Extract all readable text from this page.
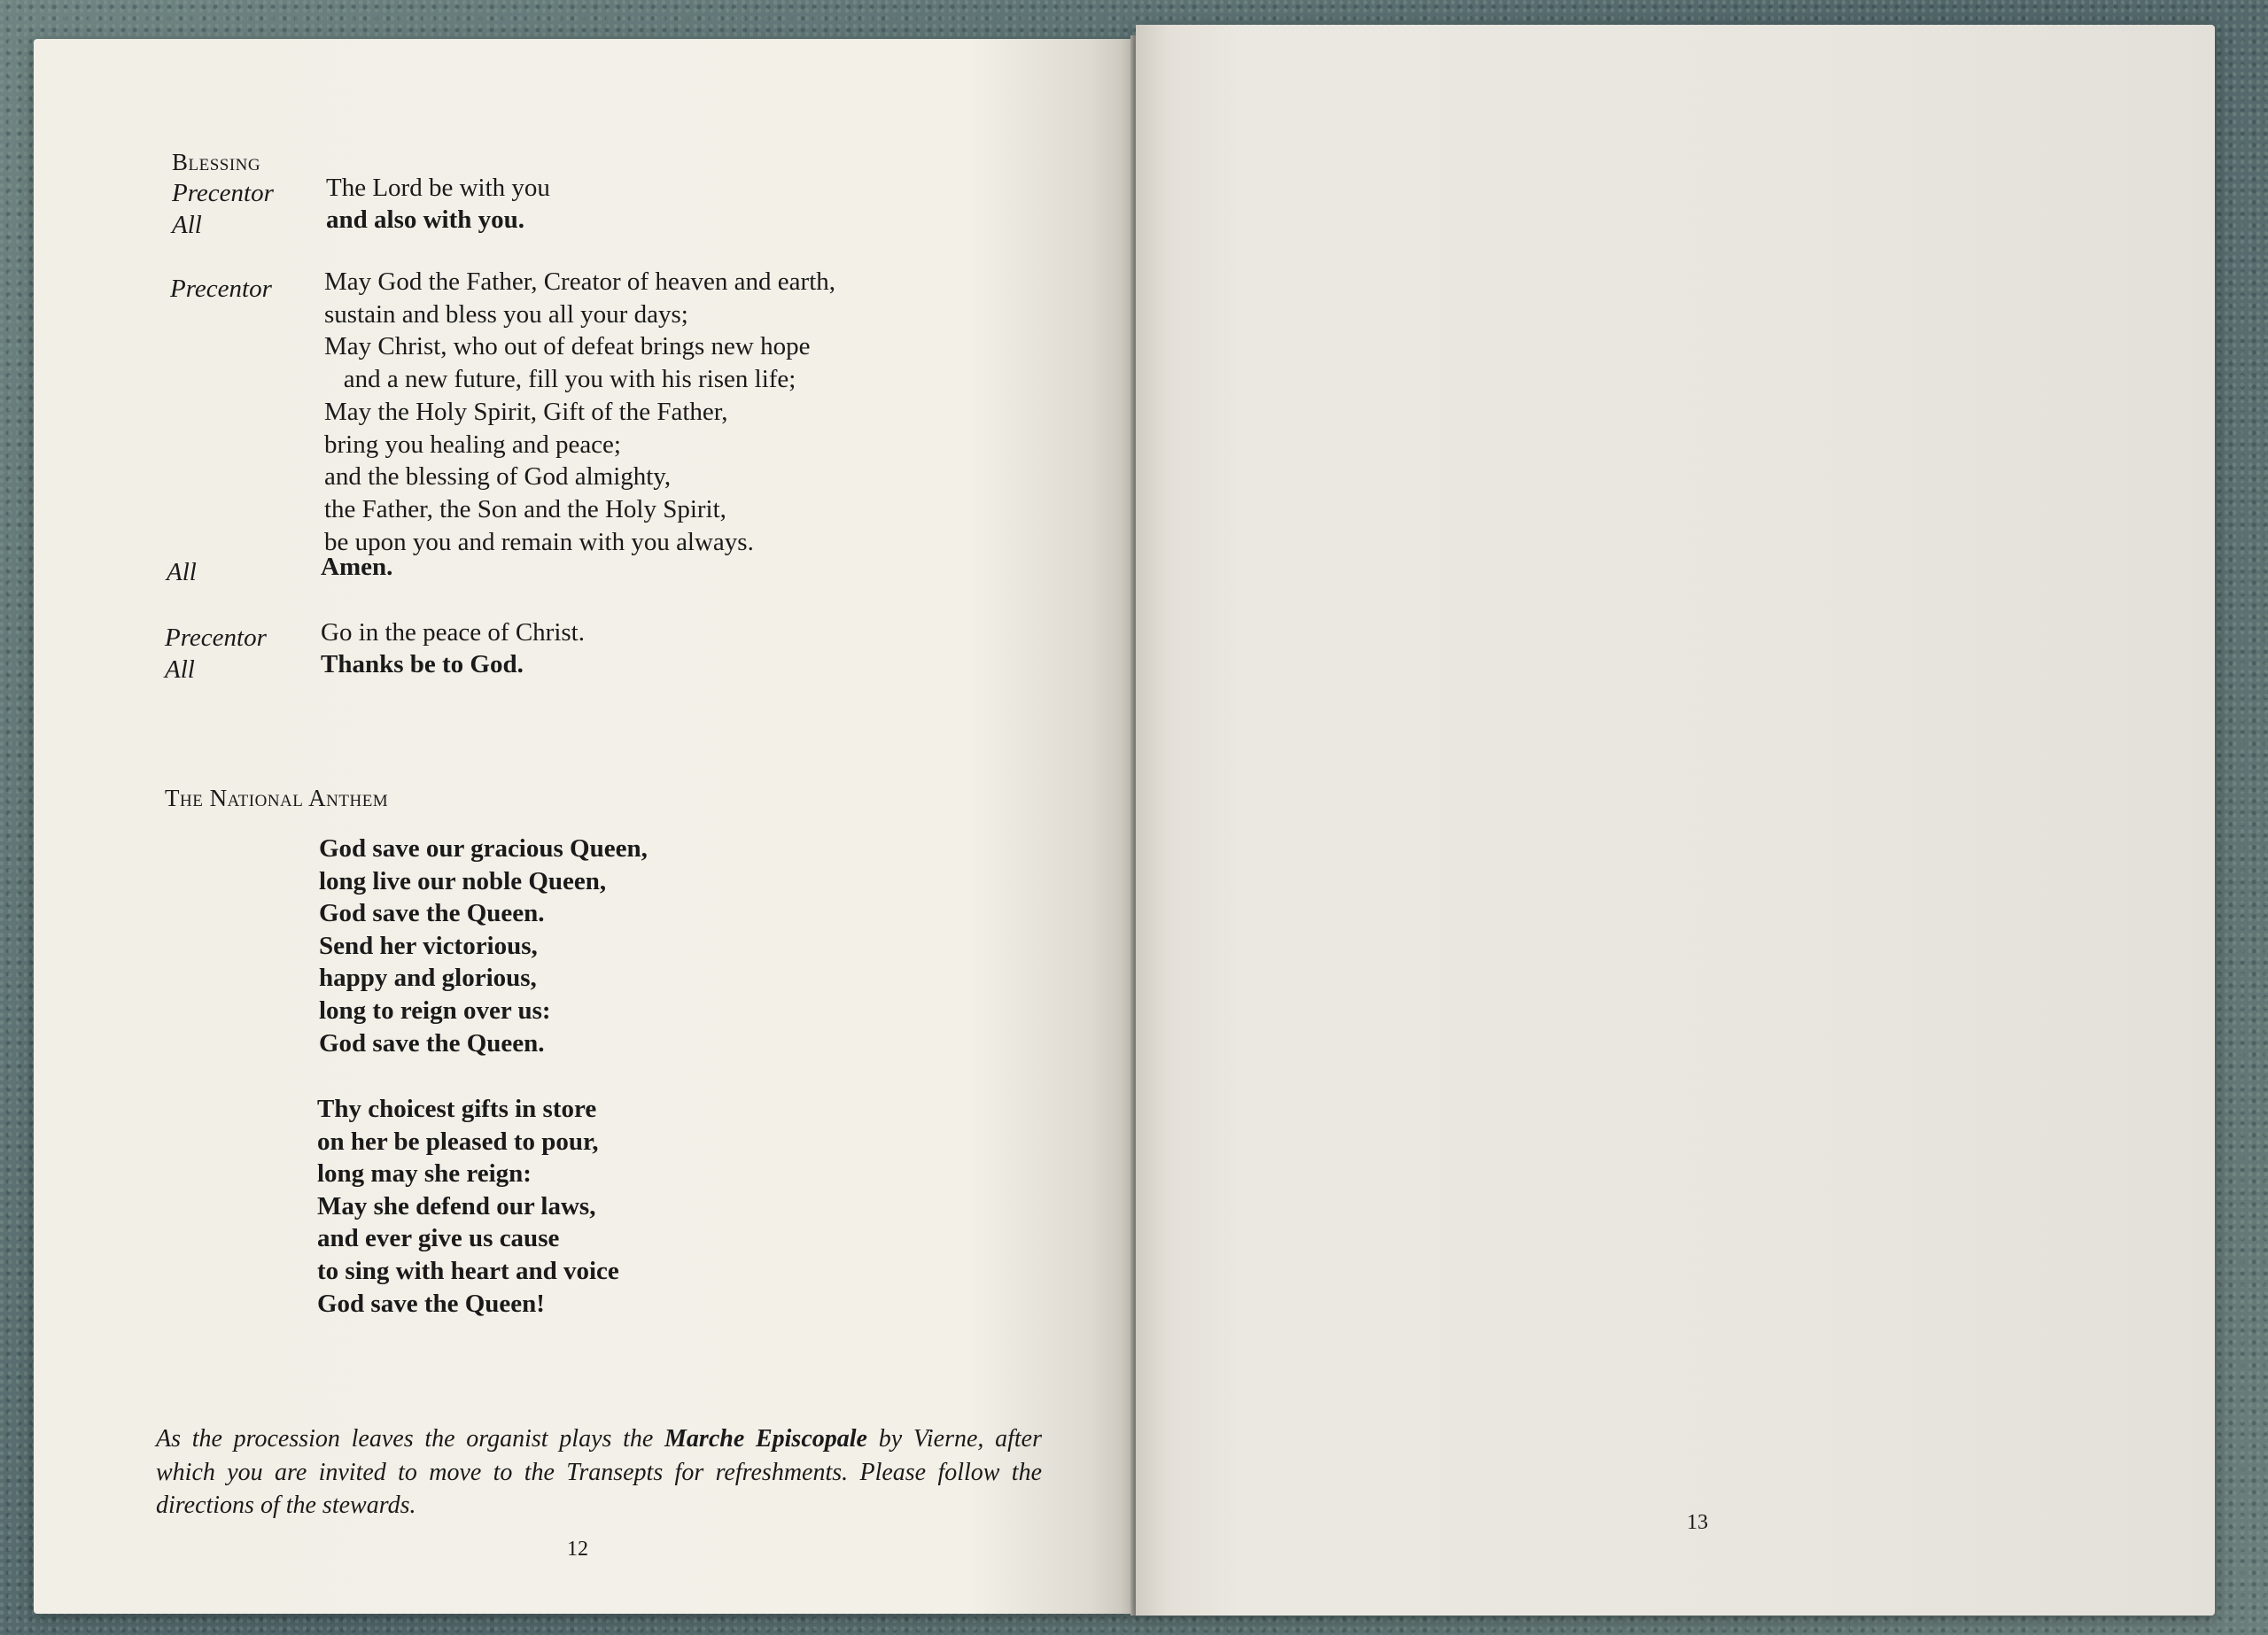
Blessing
Precentor The Lord be with you
All	and also with you.
Precentor May God the Father, Creator of heaven and earth,
sustain and bless you all your days;
May Christ, who out of defeat brings new hope
and a new future, fill you with his risen life;
May the Holy Spirit, Gift of the Father,
bring you healing and peace;
and the blessing of God almighty,
the Father, the Son and the Holy Spirit,
be upon you and remain with you always.
All	Amen.
Precentor Go in the peace of Christ.
All	Thanks be to God.
The National Anthem
God save our gracious Queen,
long live our noble Queen,
God save the Queen.
Send her victorious,
happy and glorious,
long to reign over us:
God save the Queen.
Thy choicest gifts in store
on her be pleased to pour,
long may she reign:
May she defend our laws,
and ever give us cause
to sing with heart and voice
God save the Queen!
As the procession leaves the organist plays the Marche Episcopale by Vierne, after which you are invited to move to the Transepts for refreshments. Please follow the directions of the stewards.
12
13
